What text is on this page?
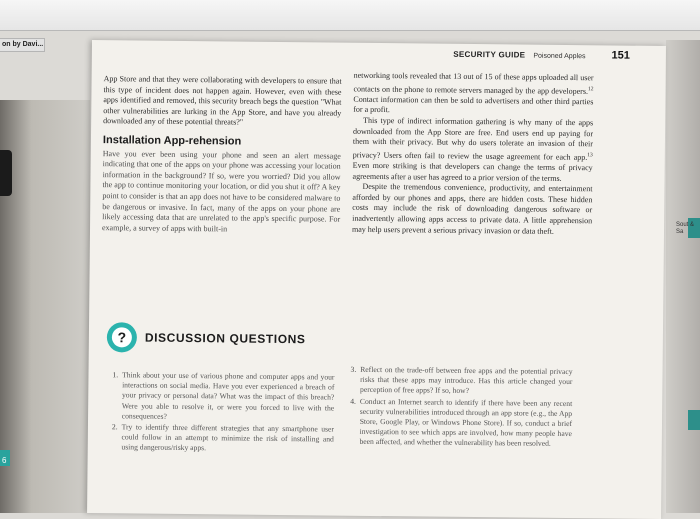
on by Davi...
6
Sout & Sa
SECURITY GUIDE Poisoned Apples 151

App Store and that they were collaborating with developers to ensure that this type of incident does not happen again. However, even with these apps identified and removed, this security breach begs the question "What other vulnerabilities are lurking in the App Store, and have you already downloaded any of these potential threats?"

Installation App-rehension

Have you ever been using your phone and seen an alert message indicating that one of the apps on your phone was accessing your location information in the background? If so, were you worried? Did you allow the app to continue monitoring your location, or did you shut it off? A key point to consider is that an app does not have to be considered malware to be dangerous or invasive. In fact, many of the apps on your phone are likely accessing data that are unrelated to the app's specific purpose. For example, a survey of apps with built-in

networking tools revealed that 13 out of 15 of these apps uploaded all user contacts on the phone to remote servers managed by the app developers.$^{12}$ Contact information can then be sold to advertisers and other third parties for a profit.

This type of indirect information gathering is why many of the apps downloaded from the App Store are free. End users end up paying for them with their privacy. But why do users tolerate an invasion of their privacy? Users often fail to review the usage agreement for each app.$^{13}$ Even more striking is that developers can change the terms of privacy agreements after a user has agreed to a prior version of the terms.

Despite the tremendous convenience, productivity, and entertainment afforded by our phones and apps, there are hidden costs. These hidden costs may include the risk of downloading dangerous software or inadvertently allowing apps access to private data. A little apprehension may help users prevent a serious privacy invasion or data theft.

?	DISCUSSION QUESTIONS
1. Think about your use of various phone and computer apps and your interactions on social media. Have you ever experienced a breach of your privacy or personal data? What was the impact of this breach? Were you able to resolve it, or were you forced to live with the consequences?
2. Try to identify three different strategies that any smartphone user could follow in an attempt to minimize the risk of installing and using dangerous/risky apps.
3. Reflect on the trade-off between free apps and the potential privacy risks that these apps may introduce. Has this article changed your perception of free apps? If so, how?
4. Conduct an Internet search to identify if there have been any recent security vulnerabilities introduced through an app store (e.g., the App Store, Google Play, or Windows Phone Store). If so, conduct a brief investigation to see which apps are involved, how many people have been affected, and whether the vulnerability has been resolved.
